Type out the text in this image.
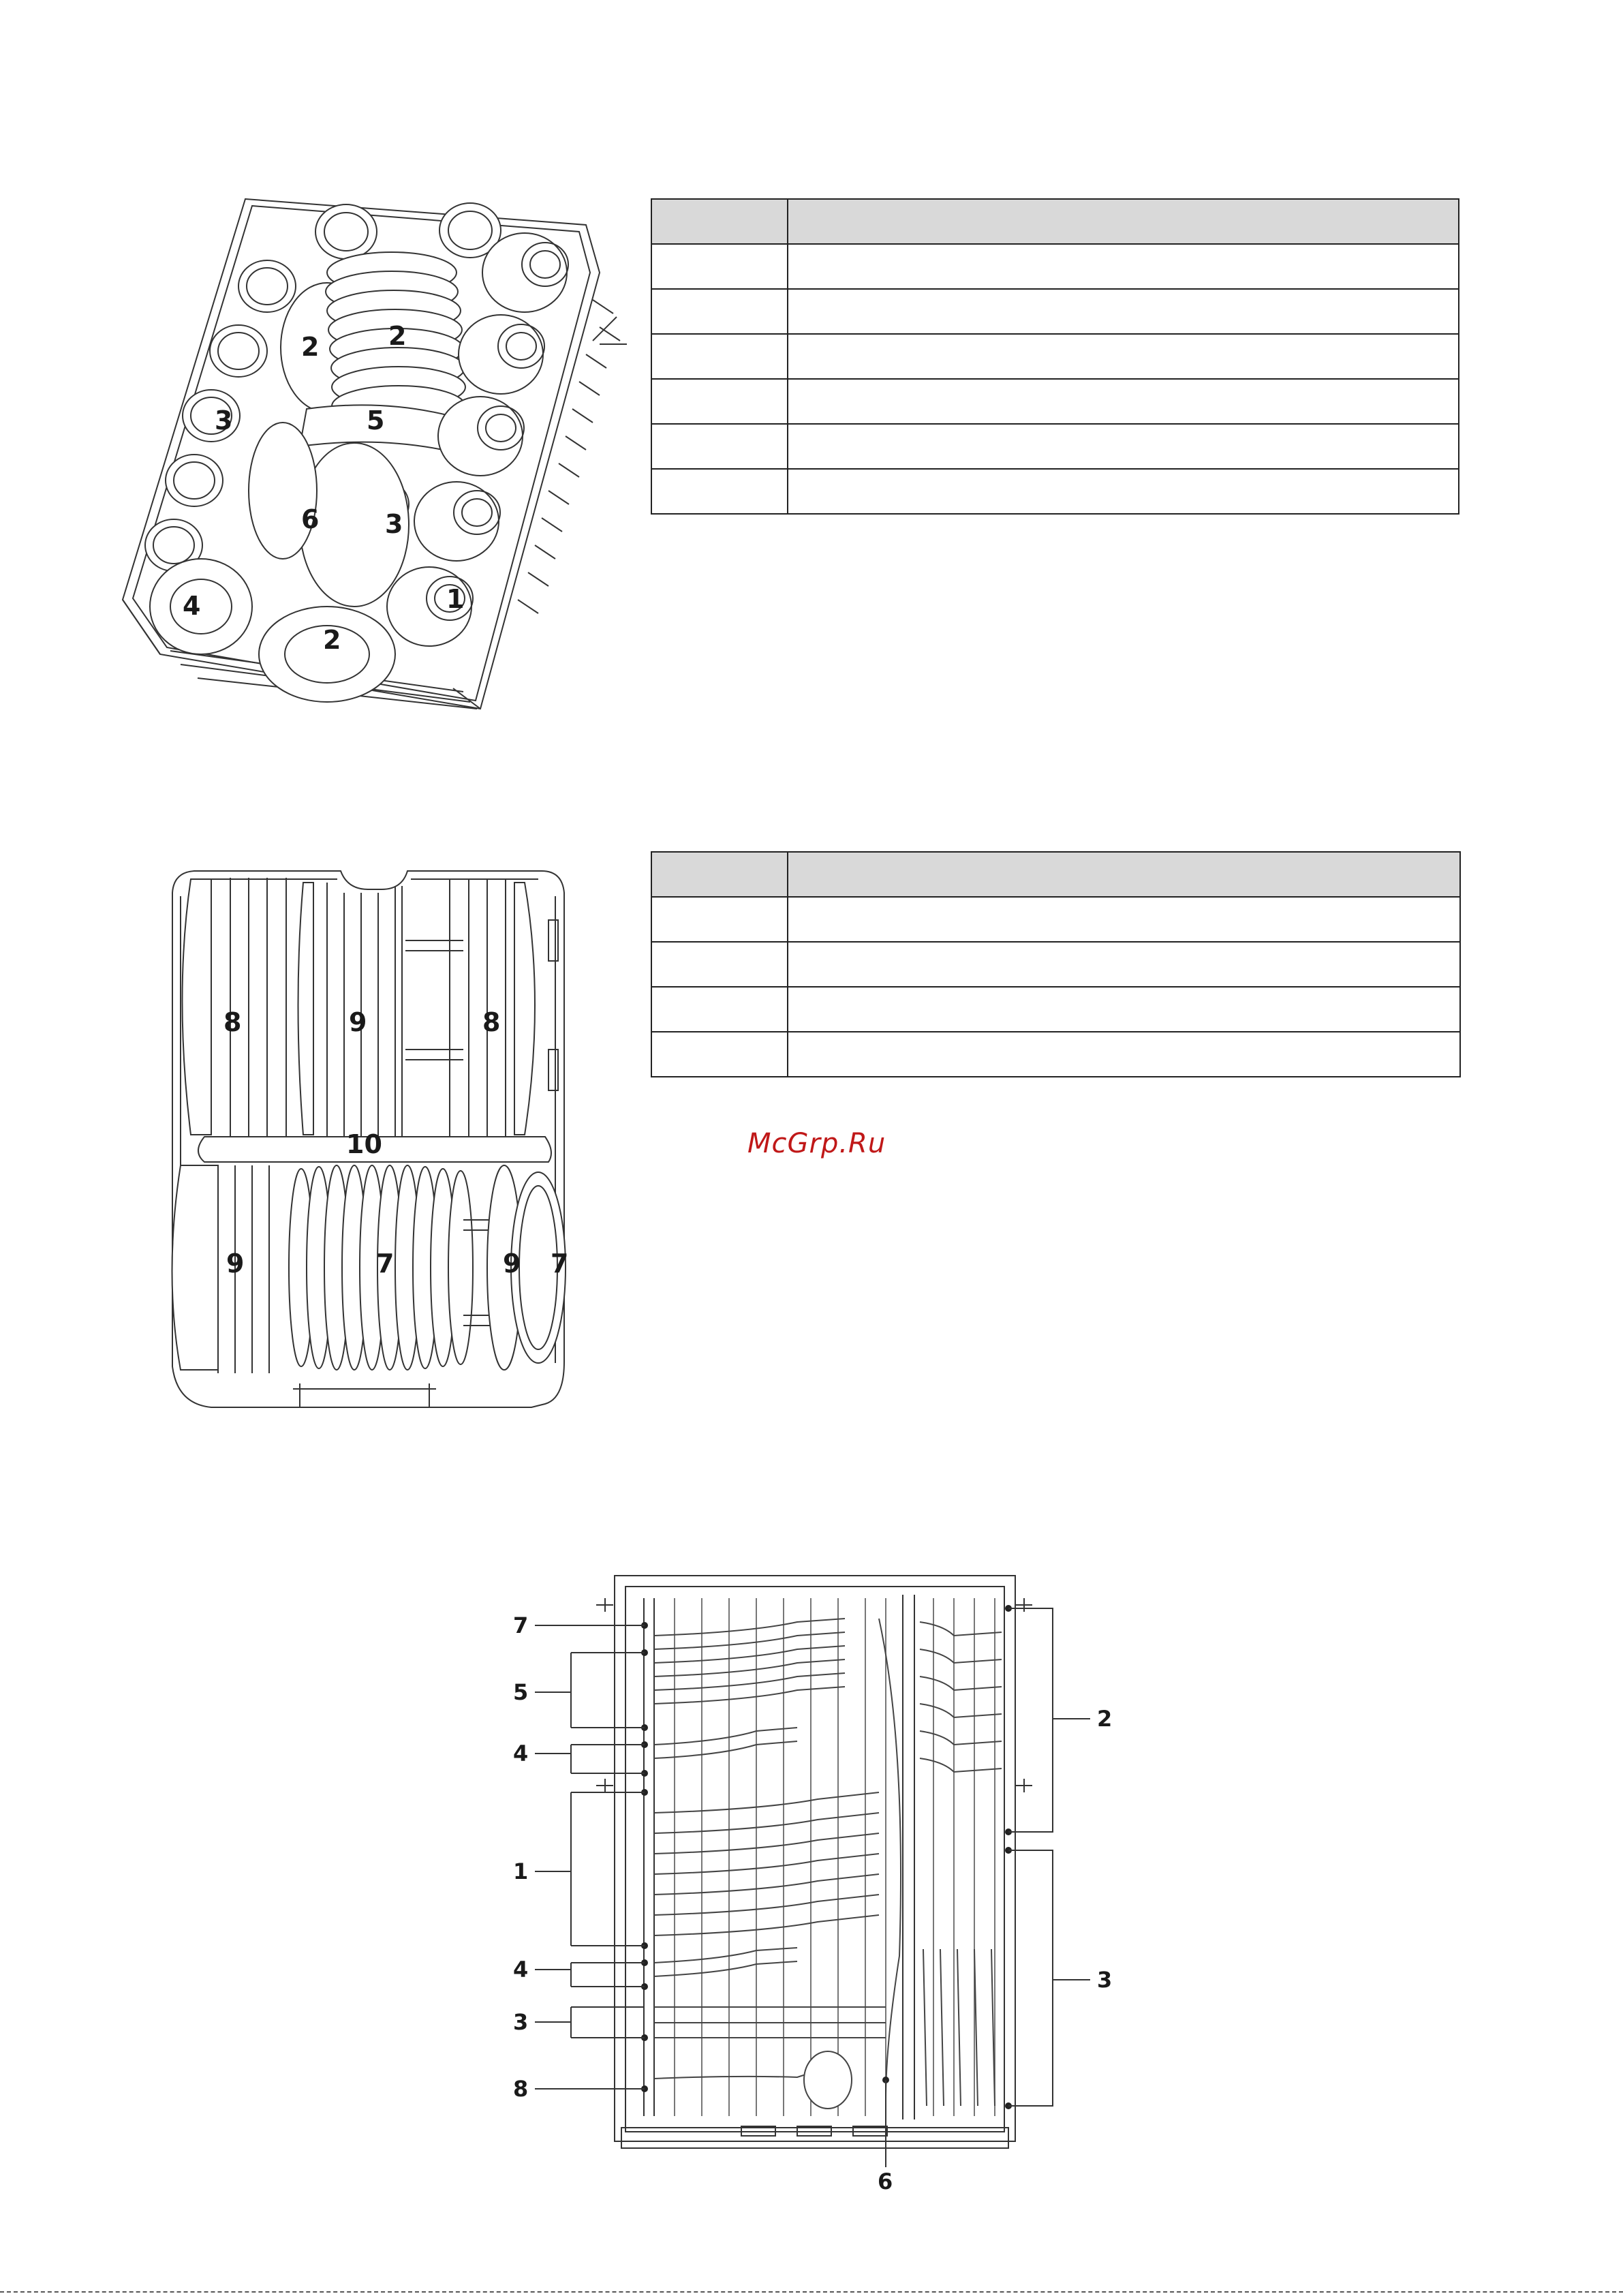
2	2
3	5
6	3
1
4
2

8	9	8
10
9	7	9 7

McGrp.Ru
7
5
4
1
4
3
8
2
3
6
